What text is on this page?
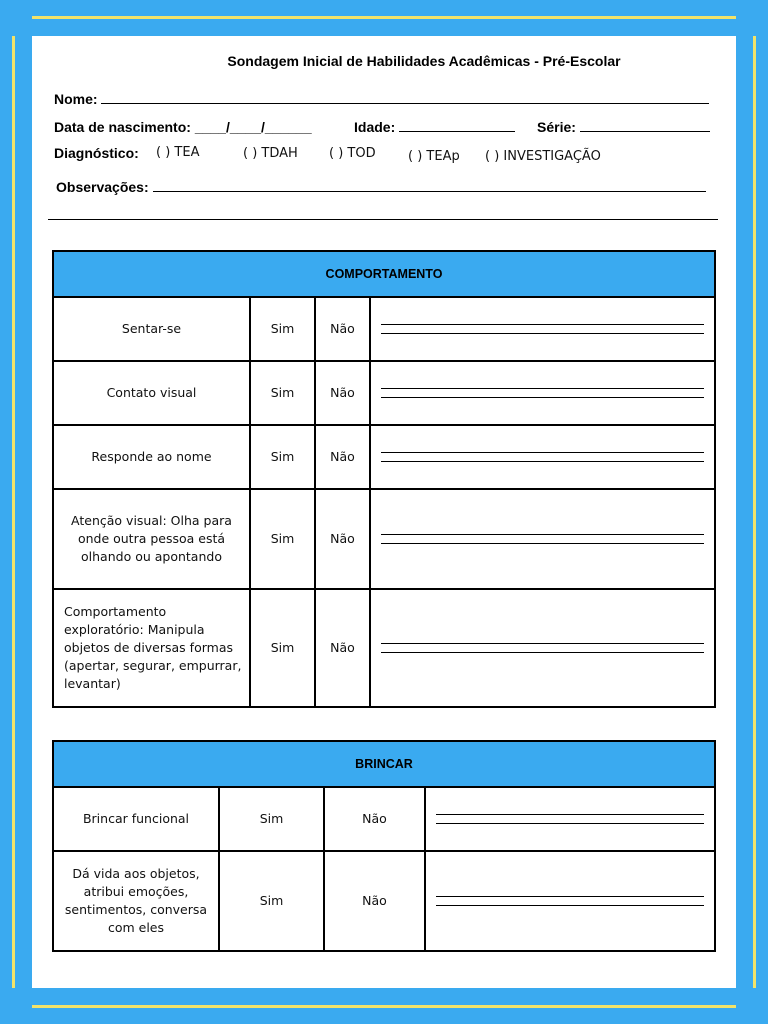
Sondagem Inicial de Habilidades Acadêmicas - Pré-Escolar
Nome:
Data de nascimento: ____/____/______	Idade:	Série:
Diagnóstico: ( ) TEA	( ) TDAH ( ) TOD ( ) TEAp ( ) INVESTIGAÇÃO
Observações:
COMPORTAMENTO			
Sentar-se	Sim	Não	

Contato visual	Sim	Não	

Responde ao nome	Sim	Não	

Atenção visual: Olha para onde outra pessoa está olhando ou apontando	Sim	Não	

Comportamento exploratório: Manipula objetos de diversas formas (apertar, segurar, empurrar, levantar)	Sim	Não	
BRINCAR			
Brincar funcional	Sim	Não	

Dá vida aos objetos, atribui emoções, sentimentos, conversa com eles	Sim	Não	
